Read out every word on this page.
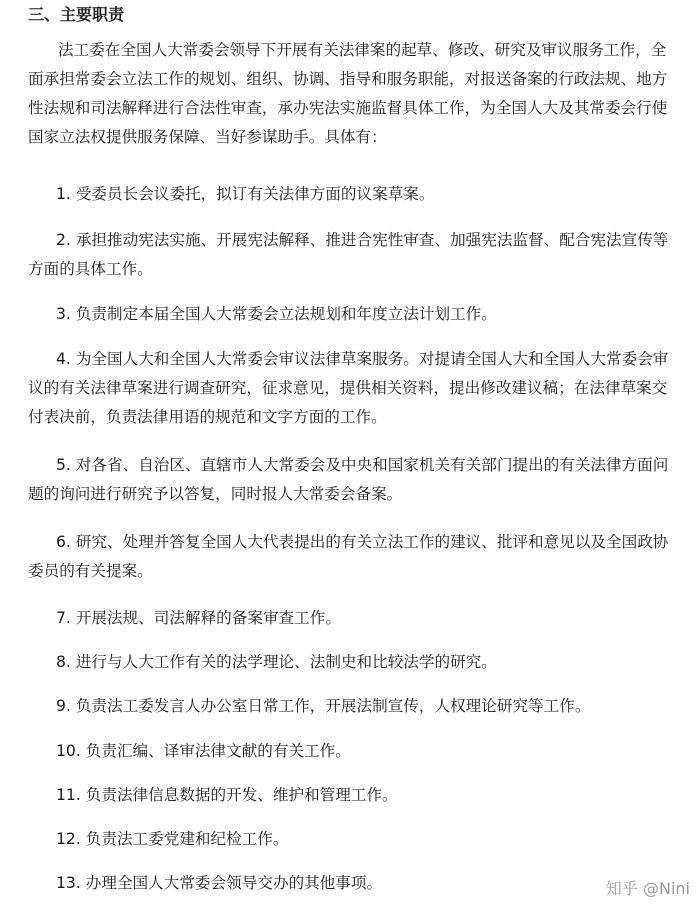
三、主要职责

法工委在全国人大常委会领导下开展有关法律案的起草、修改、研究及审议服务工作，全面承担常委会立法工作的规划、组织、协调、指导和服务职能，对报送备案的行政法规、地方性法规和司法解释进行合法性审查，承办宪法实施监督具体工作，为全国人大及其常委会行使国家立法权提供服务保障、当好参谋助手。具体有：

1. 受委员长会议委托，拟订有关法律方面的议案草案。

2. 承担推动宪法实施、开展宪法解释、推进合宪性审查、加强宪法监督、配合宪法宣传等方面的具体工作。

3. 负责制定本届全国人大常委会立法规划和年度立法计划工作。

4. 为全国人大和全国人大常委会审议法律草案服务。对提请全国人大和全国人大常委会审议的有关法律草案进行调查研究，征求意见，提供相关资料，提出修改建议稿；在法律草案交付表决前，负责法律用语的规范和文字方面的工作。

5. 对各省、自治区、直辖市人大常委会及中央和国家机关有关部门提出的有关法律方面问题的询问进行研究予以答复，同时报人大常委会备案。

6. 研究、处理并答复全国人大代表提出的有关立法工作的建议、批评和意见以及全国政协委员的有关提案。

7. 开展法规、司法解释的备案审查工作。

8. 进行与人大工作有关的法学理论、法制史和比较法学的研究。

9. 负责法工委发言人办公室日常工作，开展法制宣传，人权理论研究等工作。

10. 负责汇编、译审法律文献的有关工作。

11. 负责法律信息数据的开发、维护和管理工作。

12. 负责法工委党建和纪检工作。

13. 办理全国人大常委会领导交办的其他事项。	知乎 @Nini
